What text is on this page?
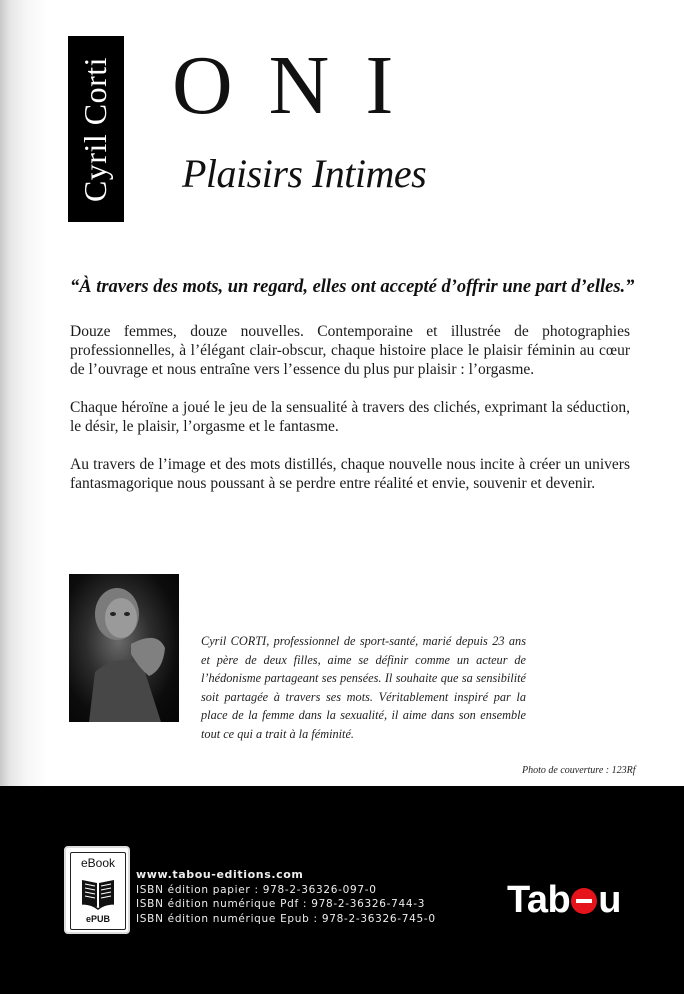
Cyril Corti ONI
Plaisirs Intimes
“À travers des mots, un regard, elles ont accepté d’offrir une part d’elles.”

Douze femmes, douze nouvelles. Contemporaine et illustrée de photographies professionnelles, à l’élégant clair-obscur, chaque histoire place le plaisir féminin au cœur de l’ouvrage et nous entraîne vers l’essence du plus pur plaisir : l’orgasme.

Chaque héroïne a joué le jeu de la sensualité à travers des clichés, exprimant la séduction, le désir, le plaisir, l’orgasme et le fantasme.

Au travers de l’image et des mots distillés, chaque nouvelle nous incite à créer un univers fantasmagorique nous poussant à se perdre entre réalité et envie, souvenir et devenir.

Cyril CORTI, professionnel de sport-santé, marié depuis 23 ans et père de deux filles, aime se définir comme un acteur de l’hédonisme partageant ses pensées. Il souhaite que sa sensibilité soit partagée à travers ses mots. Véritablement inspiré par la place de la femme dans la sexualité, il aime dans son ensemble tout ce qui a trait à la féminité.
Photo de couverture : 123Rf
eBook
ePUB
www.tabou-editions.com
ISBN édition papier : 978-2-36326-097-0
ISBN édition numérique Pdf : 978-2-36326-744-3
ISBN édition numérique Epub : 978-2-36326-745-0 Tab u
